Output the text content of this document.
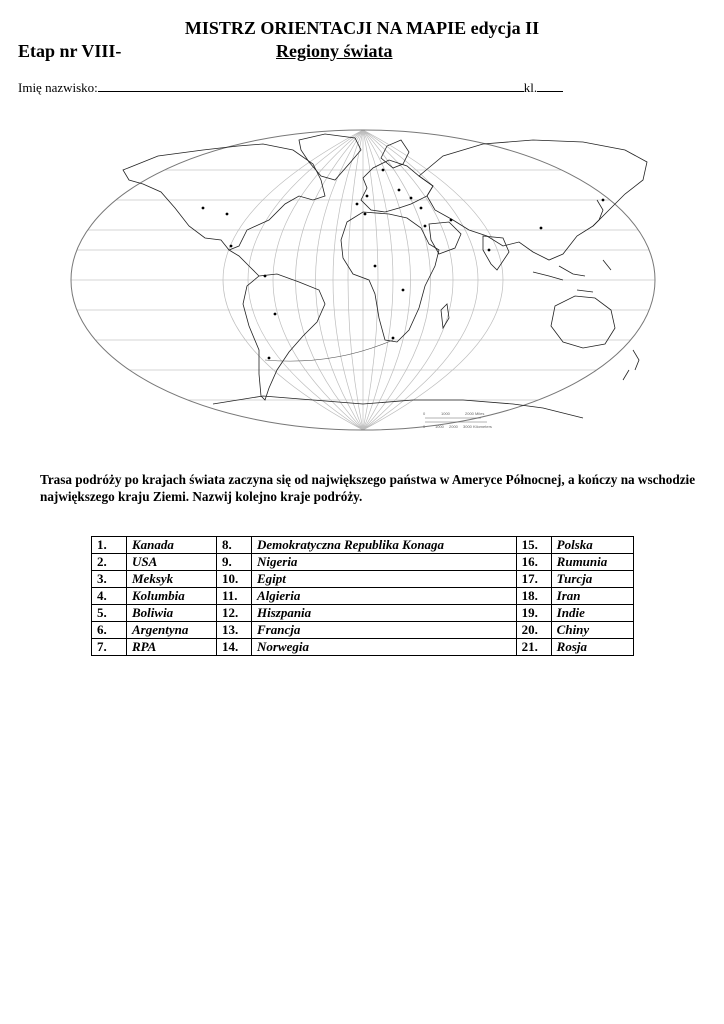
MISTRZ ORIENTACJI NA MAPIE edycja II
Etap nr VIII-	Regiony świata
Imię nazwisko:	kl.
0	1000	2000 Miles
0 1000 2000 3000 Kilometers
Trasa podróży po krajach świata zaczyna się od największego państwa w Ameryce Północnej, a kończy na wschodzie największego kraju Ziemi. Nazwij kolejno kraje podróży.
1.	Kanada	8.	Demokratyczna Republika Konaga	15.	Polska
2.	USA	9.	Nigeria	16.	Rumunia
3.	Meksyk	10.	Egipt	17.	Turcja
4.	Kolumbia	11.	Algieria	18.	Iran
5.	Boliwia	12.	Hiszpania	19.	Indie
6.	Argentyna	13.	Francja	20.	Chiny
7.	RPA	14.	Norwegia	21.	Rosja
